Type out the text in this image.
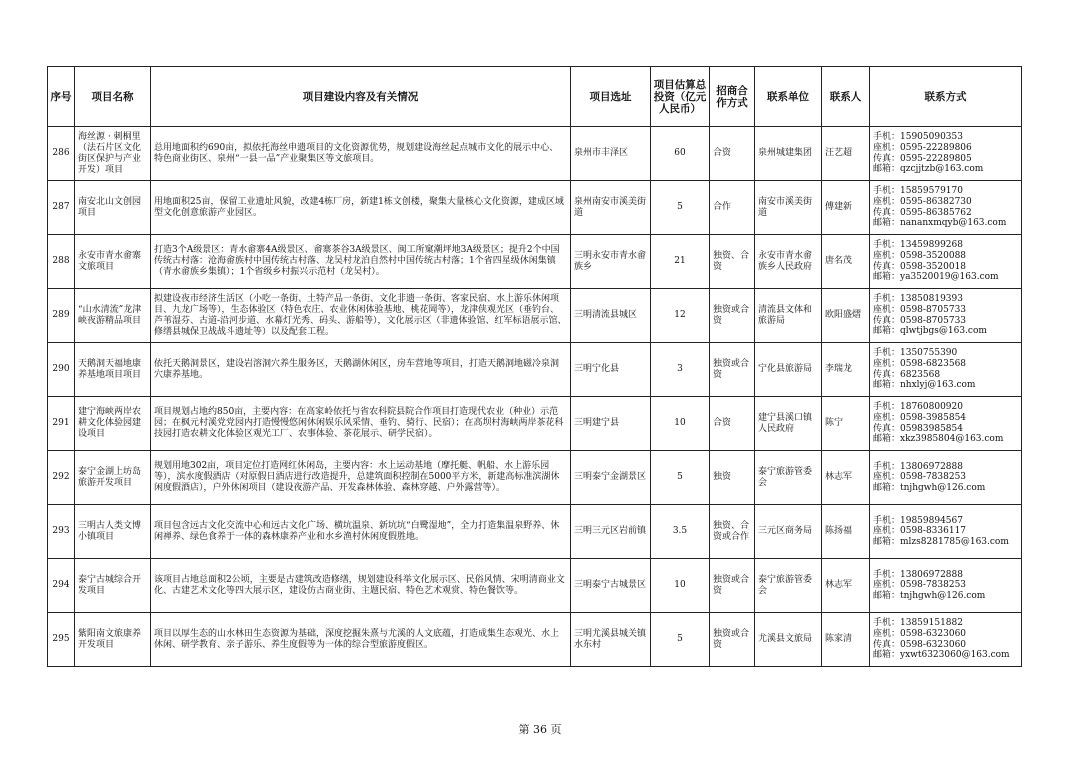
序号	项目名称	项目建设内容及有关情况	项目选址	项目估算总投资（亿元人民币）	招商合作方式	联系单位	联系人	联系方式
286	海丝源 · 刺桐里（法石片区文化街区保护与产业开发）项目	总用地面积约690亩，拟依托海丝申遗项目的文化资源优势，规划建设海丝起点城市文化的展示中心、特色商业街区、泉州“一县一品”产业聚集区等文旅项目。	泉州市丰泽区	60	合资	泉州城建集团	汪艺超	手机：15905090353
座机：0595-22289806
传真：0595-22289805
邮箱：qzcjjtzb@163.com

287	南安北山文创园项目	用地面积25亩，保留工业遗址风貌，改建4栋厂房，新建1栋文创楼，聚集大量核心文化资源，建成区域型文化创意旅游产业园区。	泉州南安市溪美街道	5	合作	南安市溪美街道	傅建新	手机：15859579170
座机：0595-86382730
传真：0595-86385762
邮箱：nananxmqyb@163.com

288	永安市青水畲寨文旅项目	打造3个A级景区：青水畲寨4A级景区、畲寨茶谷3A级景区、闽工所窠潮坪地3A级景区；提升2个中国传统古村落：沧海畲族村中国传统古村落、龙吴村龙泊自然村中国传统古村落；1个省四星级休闲集镇（青水畲族乡集镇）；1个省级乡村振兴示范村（龙吴村）。	三明永安市青水畲族乡	21	独资、合资	永安市青水畲族乡人民政府	唐名茂	手机：13459899268
座机：0598-3520088
传真：0598-3520018
邮箱：ya3520019@163.com

289	“山水清流”龙津峡夜游精品项目	拟建设夜市经济生活区（小吃一条街、土特产品一条街、文化非遗一条街、客家民宿、水上游乐休闲项目、九龙广场等），生态体验区（特色农庄、农业休闲体验基地、桃花岡等），龙津侠观光区（垂钓台、芦苇湿芬、古道-沿河步道、水幕灯光秀、码头、游船等），文化展示区（非遗体验馆、红军标语展示馆、修缮县城保卫战战斗遗址等）以及配套工程。	三明清流县城区	12	独资或合资	清流县文体和旅游局	欧阳盛熠	手机：13850819393
座机：0598-8705733
传真：0598-8705733
邮箱：qlwtjbgs@163.com

290	天鹅洞天福地康养基地项目项目	依托天鹅洞景区，建设岩溶洞穴养生服务区，天鹅湖休闲区，房车营地等项目，打造天鹅洞地磁冷泉洞穴康养基地。	三明宁化县	3	独资或合资	宁化县旅游局	李瑞龙	手机：1350755390
座机：0598-6823568
传真：6823568
邮箱：nhxlyj@163.com

291	建宁海峡两岸农耕文化体验园建设项目	项目规划占地约850亩，主要内容：在高家岭依托与省农科院县院合作项目打造现代农业（种业）示范园；在枫元村溪党党园内打造慢慢悠闲休闲娱乐风采情、垂钓、骑行、民宿）；在高坝村海峡两岸茶花科技园打造农耕文化体验区观光工厂、农事体验、茶花展示、研学民宿）。	三明建宁县	10	合资	建宁县溪口镇人民政府	陈宁	手机：18760800920
座机：0598-3985854
传真：05983985854
邮箱：xkz3985804@163.com

292	泰宁金湖上坊岛旅游开发项目	规划用地302亩，项目定位打造网红休闲岛，主要内容：水上运动基地（摩托艇、帆船、水上游乐园等），滨水度假酒店（对原假日酒店进行改造提升，总建筑面积控制在5000平方米，新建高标准滨湖休闲度假酒店），户外休闲项目（建设夜游产品、开发森林体验、森林穿越、户外露营等）。	三明泰宁金湖景区	5	独资	泰宁旅游管委会	林志军	手机：13806972888
座机：0598-7838253
邮箱：tnjhgwh@126.com

293	三明古人类文博小镇项目	项目包含远古文化交流中心和远古文化广场、横坑温泉、新坑坑“白鹭湿地”，全力打造集温泉野养、休闲禅养、绿色食养于一体的森林康养产业和水乡渔村休闲度假胜地。	三明三元区岩前镇	3.5	独资、合资或合作	三元区商务局	陈扬福	手机：19859894567
座机：0598-8336117
邮箱：mlzs8281785@163.com

294	泰宁古城综合开发项目	该项目占地总面积2公顷，主要是古建筑改造修缮，规划建设科举文化展示区、民俗风情、宋明清商业文化、古建艺术文化等四大展示区，建设仿古商业街、主题民宿、特色艺术观赏、特色餐饮等。	三明泰宁古城景区	10	独资或合资	泰宁旅游管委会	林志军	手机：13806972888
座机：0598-7838253
邮箱：tnjhgwh@126.com

295	紫阳南文旅康养开发项目	项目以厚生态的山水林田生态资源为基础，深度挖掘朱熹与尤溪的人文底蕴，打造成集生态观光、水上休闲、研学教育、亲子游乐、养生度假等为一体的综合型旅游度假区。	三明尤溪县城关镇水东村	5	独资或合资	尤溪县文旅局	陈家清	手机：13859151882
座机：0598-6323060
传真：0598-6323060
邮箱：yxwt6323060@163.com
第 36 页
